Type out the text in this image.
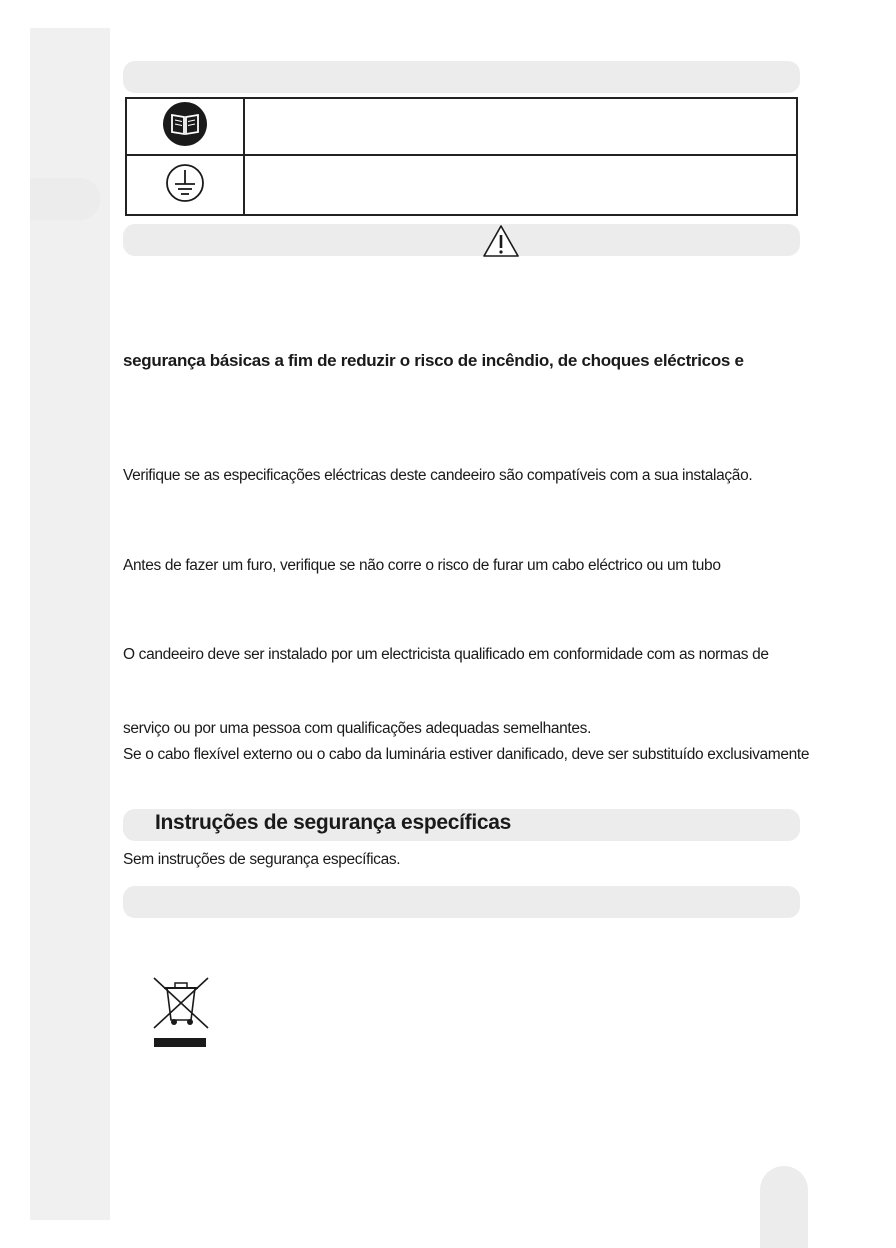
segurança básicas a fim de reduzir o risco de incêndio, de choques eléctricos e
Verifique se as especificações eléctricas deste candeeiro são compatíveis com a sua instalação.
Antes de fazer um furo, verifique se não corre o risco de furar um cabo eléctrico ou um tubo
O candeeiro deve ser instalado por um electricista qualificado em conformidade com as normas de
serviço ou por uma pessoa com qualificações adequadas semelhantes.
Se o cabo flexível externo ou o cabo da luminária estiver danificado, deve ser substituído exclusivamente
Instruções de segurança específicas
Sem instruções de segurança específicas.
